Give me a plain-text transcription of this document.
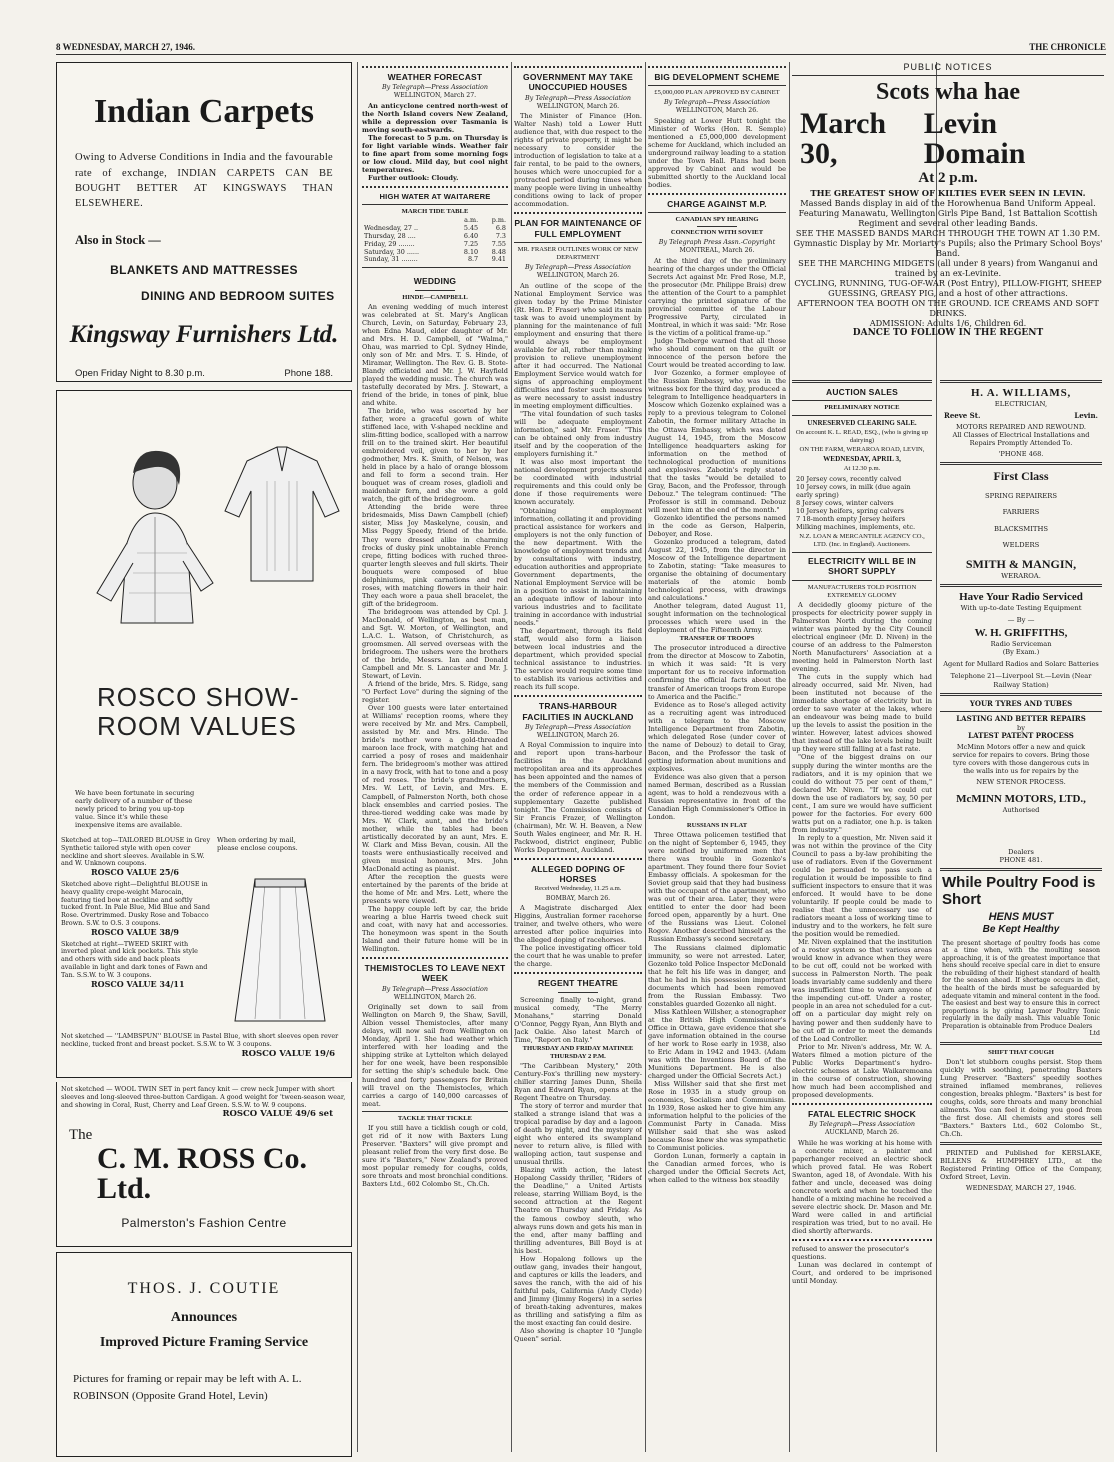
8 WEDNESDAY, MARCH 27, 1946.	THE CHRONICLE
Indian Carpets
Owing to Adverse Conditions in India and the favourable rate of exchange, INDIAN CARPETS CAN BE BOUGHT BETTER AT KINGSWAYS THAN ELSEWHERE.
Also in Stock —
BLANKETS AND MATTRESSES
DINING AND BEDROOM SUITES
Kingsway Furnishers Ltd.
Open Friday Night to 8.30 p.m.	Phone 188.
ROSCO SHOW-ROOM VALUES
We have been fortunate in securing early delivery of a number of these newly priced to bring you up-top value. Since it's while these inexpensive items are available.
When ordering by mail, please enclose coupons.

Sketched at top—TAILORED BLOUSE in Grey Synthetic tailored style with open cover neckline and short sleeves. Available in S.W. and W. Unknown coupons.

ROSCO VALUE 25/6

Sketched above right—Delightful BLOUSE in heavy quality crepe-weight Marocain, featuring tied bow at neckline and softly tucked front. In Pale Blue, Mid Blue and Sand Rose. Overtrimmed. Dusky Rose and Tobacco Brown. S.W. to O.S. 3 coupons.

ROSCO VALUE 38/9

Sketched at right—TWEED SKIRT with inverted pleat and kick pockets. This style and others with side and back pleats available in light and dark tones of Fawn and Tan. S.S.W. to W. 3 coupons.

ROSCO VALUE 34/11

Not sketched — ''LAMBSPUN'' BLOUSE in Pastel Blue, with short sleeves open rever neckline, tucked front and breast pocket. S.S.W. to W. 3 coupons.

ROSCO VALUE 19/6

Not sketched — WOOL TWIN SET in pert fancy knit — crew neck Jumper with short sleeves and long-sleeved three-button Cardigan. A good weight for 'tween-season wear, and showing in Coral, Rust, Cherry and Leaf Green. S.S.W. to W. 9 coupons.
ROSCO VALUE 49/6 set
The
C. M. ROSS Co. Ltd.
Palmerston's Fashion Centre
THOS. J. COUTIE
Announces
Improved Picture Framing Service
Pictures for framing or repair may be left with A. L. ROBINSON (Opposite Grand Hotel, Levin)
WEATHER FORECAST
By Telegraph—Press Association
WELLINGTON, March 27.

An anticyclone centred north-west of the North Island covers New Zealand, while a depression over Tasmania is moving south-eastwards.

The forecast to 5 p.m. on Thursday is for light variable winds. Weather fair to fine apart from some morning fogs or low cloud. Mild day, but cool night temperatures.

Further outlook: Cloudy.

HIGH WATER AT WAITARERE
MARCH TIDE TABLE
	a.m.	p.m.
Wednesday, 27 ..	5.45	6.8
Thursday, 28 ....	6.40	7.3
Friday, 29 ........	7.25	7.55
Saturday, 30 ......	8.10	8.48
Sunday, 31 ........	8.7	9.41
WEDDING
HINDE—CAMPBELL

An evening wedding of much interest was celebrated at St. Mary's Anglican Church, Levin, on Saturday, February 23, when Edna Maud, elder daughter of Mr. and Mrs. H. D. Campbell, of "Walma," Ohau, was married to Cpl. Sydney Hinde, only son of Mr. and Mrs. T. S. Hinde, of Miramar, Wellington. The Rev. G. B. Stote-Blandy officiated and Mr. J. W. Hayfield played the wedding music. The church was tastefully decorated by Mrs. J. Stewart, a friend of the bride, in tones of pink, blue and white.

The bride, who was escorted by her father, wore a graceful gown of white stiffened lace, with V-shaped neckline and slim-fitting bodice, scalloped with a narrow frill on to the trained skirt. Her beautiful embroidered veil, given to her by her godmother, Mrs. K. Smith, of Nelson, was held in place by a halo of orange blossom and fell to form a second train. Her bouquet was of cream roses, gladioli and maidenhair fern, and she wore a gold watch, the gift of the bridegroom.

Attending the bride were three bridesmaids, Miss Dawn Campbell (chief) sister, Miss Joy Maskelyne, cousin, and Miss Peggy Speedy, friend of the bride. They were dressed alike in charming frocks of dusky pink unobtainable French crepe, fitting bodices with ruched three-quarter length sleeves and full skirts. Their bouquets were composed of blue delphiniums, pink carnations and red roses, with matching flowers in their hair. They each wore a paua shell bracelet, the gift of the bridegroom.

The bridegroom was attended by Cpl. J. MacDonald, of Wellington, as best man, and Sgt. W. Morton, of Wellington, and L.A.C. L. Watson, of Christchurch, as groomsmen. All served overseas with the bridegroom. The ushers were the brothers of the bride, Messrs. Ian and Donald Campbell and Mr. S. Lancaster and Mr. J. Stewart, of Levin.

A friend of the bride, Mrs. S. Ridge, sang "O Perfect Love" during the signing of the register.

Over 100 guests were later entertained at Williams' reception rooms, where they were received by Mr. and Mrs. Campbell, assisted by Mr. and Mrs. Hinde. The bride's mother wore a gold-threaded maroon lace frock, with matching hat and carried a posy of roses and maidenhair fern. The bridegroom's mother was attired in a navy frock, with hat to tone and a posy of red roses. The bride's grandmothers, Mrs. W. Lett, of Levin, and Mrs. E. Campbell, of Palmerston North, both chose black ensembles and carried posies. The three-tiered wedding cake was made by Mrs. W. Clark, aunt, and the bride's mother, while the tables had been artistically decorated by an aunt, Mrs. E. W. Clark and Miss Bevan, cousin. All the toasts were enthusiastically received and given musical honours, Mrs. John MacDonald acting as pianist.

After the reception the guests were entertained by the parents of the bride at the home of Mr. and Mrs. Lett, where the presents were viewed.

The happy couple left by car, the bride wearing a blue Harris tweed check suit and coat, with navy hat and accessories. The honeymoon was spent in the South Island and their future home will be in Wellington.

THEMISTOCLES TO LEAVE NEXT WEEK
By Telegraph—Press Association
WELLINGTON, March 26.

Originally set down to sail from Wellington on March 9, the Shaw, Savill, Albion vessel Themistocles, after many delays, will now sail from Wellington on Monday, April 1. She had weather which interfered with her loading and the shipping strike at Lyttelton which delayed her for one week, have been responsible for setting the ship's schedule back. One hundred and forty passengers for Britain will travel on the Themistocles, which carries a cargo of 140,000 carcasses of meat.

TACKLE THAT TICKLE

If you still have a ticklish cough or cold, get rid of it now with Baxters Lung Preserver. "Baxters" will give prompt and pleasant relief from the very first dose. Be sure it's "Baxters," New Zealand's proved most popular remedy for coughs, colds, sore throats and most bronchial conditions. Baxters Ltd., 602 Colombo St., Ch.Ch.

GOVERNMENT MAY TAKE UNOCCUPIED HOUSES
By Telegraph—Press Association
WELLINGTON, March 26.

The Minister of Finance (Hon. Walter Nash) told a Lower Hutt audience that, with due respect to the rights of private property, it might be necessary to consider the introduction of legislation to take at a fair rental, to be paid to the owners, houses which were unoccupied for a protracted period during times when many people were living in unhealthy conditions owing to lack of proper accommodation.

PLAN FOR MAINTENANCE OF FULL EMPLOYMENT
MR. FRASER OUTLINES WORK OF NEW DEPARTMENT
By Telegraph—Press Association
WELLINGTON, March 26.

An outline of the scope of the National Employment Service was given today by the Prime Minister (Rt. Hon. P. Fraser) who said its main task was to avoid unemployment by planning for the maintenance of full employment and ensuring that there would always be employment available for all, rather than making provision to relieve unemployment after it had occurred. The National Employment Service would watch for signs of approaching employment difficulties and foster such measures as were necessary to assist industry in meeting employment difficulties.

"The vital foundation of such tasks will be adequate employment information," said Mr. Fraser. "This can be obtained only from industry itself and by the cooperation of the employers furnishing it."

It was also most important the national development projects should be coordinated with industrial requirements and this could only be done if those requirements were known accurately.

"Obtaining employment information, collating it and providing practical assistance for workers and employers is not the only function of the new department. With the knowledge of employment trends and by consultations with industry, education authorities and appropriate Government departments, the National Employment Service will be in a position to assist in maintaining an adequate inflow of labour into various industries and to facilitate training in accordance with industrial needs."

The department, through its field staff, would also form a liaison between local industries and the department, which provided special technical assistance to industries. The service would require some time to establish its various activities and reach its full scope.

TRANS-HARBOUR FACILITIES IN AUCKLAND
By Telegraph—Press Association
WELLINGTON, March 26.

A Royal Commission to inquire into and report upon trans-harbour facilities in the Auckland metropolitan area and its approaches has been appointed and the names of the members of the Commission and the order of reference appear in a supplementary Gazette published tonight. The Commission consists of Sir Francis Frazer, of Wellington (chairman), Mr. W. H. Beaven, a New South Wales engineer, and Mr. R. H. Packwood, district engineer, Public Works Department, Auckland.

ALLEGED DOPING OF HORSES
Received Wednesday, 11.25 a.m.
BOMBAY, March 26.

A Magistrate discharged Alex Higgins, Australian former racehorse trainer, and twelve others, who were arrested after police inquiries into the alleged doping of racehorses.

The police investigating officer told the court that he was unable to prefer the charge.

REGENT THEATRE

Screening finally to-night, grand musical comedy, "The Merry Monahans," starring Donald O'Connor, Peggy Ryan, Ann Blyth and Jack Oakie. Also latest March of Time, "Report on Italy."

THURSDAY AND FRIDAY MATINEE THURSDAY 2 P.M.

"The Caribbean Mystery," 20th Century-Fox's thrilling new mystery-chiller starring James Dunn, Sheila Ryan and Edward Ryan, opens at the Regent Theatre on Thursday.

The story of terror and murder that stalked a strange island that was a tropical paradise by day and a lagoon of death by night, and the mystery of eight who entered its swampland never to return alive, is filled with walloping action, taut suspense and unusual thrills.

Blazing with action, the latest Hopalong Cassidy thriller, "Riders of the Deadline," a United Artists release, starring William Boyd, is the second attraction at the Regent Theatre on Thursday and Friday. As the famous cowboy sleuth, who always runs down and gets his man in the end, after many baffling and thrilling adventures, Bill Boyd is at his best.

How Hopalong follows up the outlaw gang, invades their hangout, and captures or kills the leaders, and saves the ranch, with the aid of his faithful pals, California (Andy Clyde) and Jimmy (Jimmy Rogers) in a series of breath-taking adventures, makes as thrilling and satisfying a film as the most exacting fan could desire.

Also showing is chapter 10 "Jungle Queen" serial.

BIG DEVELOPMENT SCHEME
£5,000,000 PLAN APPROVED BY CABINET
By Telegraph—Press Association
WELLINGTON, March 26.

Speaking at Lower Hutt tonight the Minister of Works (Hon. R. Semple) mentioned a £5,000,000 development scheme for Auckland, which included an underground railway leading to a station under the Town Hall. Plans had been approved by Cabinet and would be submitted shortly to the Auckland local bodies.

CHARGE AGAINST M.P.
CANADIAN SPY HEARING
CONNECTION WITH SOVIET
By Telegraph Press Assn.-Copyright
MONTREAL, March 26.

At the third day of the preliminary hearing of the charges under the Official Secrets Act against Mr. Fred Rose, M.P., the prosecutor (Mr. Philippe Brais) drew the attention of the Court to a pamphlet carrying the printed signature of the provincial committee of the Labour Progressive Party, circulated in Montreal, in which it was said: "Mr. Rose is the victim of a political frame-up."

Judge Theberge warned that all those who should comment on the guilt or innocence of the person before the Court would be treated according to law.

Ivor Gozenko, a former employee of the Russian Embassy, who was in the witness box for the third day, produced a telegram to Intelligence headquarters in Moscow which Gozenko explained was a reply to a previous telegram to Colonel Zabotin, the former military Attache in the Ottawa Embassy, which was dated August 14, 1945, from the Moscow Intelligence headquarters asking for information on the method of technological production of munitions and explosives. Zabotin's reply stated that the tasks "would be detailed to Gray, Bacon, and the Professor, through Debouz." The telegram continued: "The Professor is still in command. Debouz will meet him at the end of the month."

Gozenko identified the persons named in the code as Gerson, Halperin, Deboyer, and Rose.

Gozenko produced a telegram, dated August 22, 1945, from the director in Moscow of the Intelligence department to Zabotin, stating: "Take measures to organise the obtaining of documentary materials of the atomic bomb technological process, with drawings and calculations."

Another telegram, dated August 11, sought information on the technological processes which were used in the deployment of the Fifteenth Army.

TRANSFER OF TROOPS

The prosecutor introduced a directive from the director at Moscow to Zabotin, in which it was said: "It is very important for us to receive information confirming the official facts about the transfer of American troops from Europe to America and the Pacific."

Evidence as to Rose's alleged activity as a recruiting agent was introduced with a telegram to the Moscow Intelligence Department from Zabotin, which delegated Rose (under cover of the name of Debouz) to detail to Gray, Bacon, and the Professor the task of getting information about munitions and explosives.

Evidence was also given that a person named Berman, described as a Russian agent, was to hold a rendezvous with a Russian representative in front of the Canadian High Commissioner's Office in London.

RUSSIANS IN FLAT

Three Ottawa policemen testified that on the night of September 6, 1945, they were notified by uniformed men that there was trouble in Gozenko's apartment. They found there four Soviet Embassy officials. A spokesman for the Soviet group said that they had business with the occupant of the apartment, who was out of their area. Later, they were entitled to enter the door had been forced open, apparently by a hurt. One of the Russians was Lieut. Colonel Rogov. Another described himself as the Russian Embassy's second secretary.

The Russians claimed diplomatic immunity, so were not arrested. Later, Gozenko told Police Inspector McDonald that he felt his life was in danger, and that he had in his possession important documents which had been removed from the Russian Embassy. Two constables guarded Gozenko all night.

Miss Kathleen Willsher, a stenographer at the British High Commissioner's Office in Ottawa, gave evidence that she gave information obtained in the course of her work to Rose early in 1938, also to Eric Adam in 1942 and 1943. (Adam was with the Inventions Board of the Munitions Department. He is also charged under the Official Secrets Act.)

Miss Willsher said that she first met Rose in 1935 in a study group on economics, Socialism and Communism. In 1939, Rose asked her to give him any information helpful to the policies of the Communist Party in Canada. Miss Willsher said that she was asked because Rose knew she was sympathetic to Communist policies.

Gordon Lunan, formerly a captain in the Canadian armed forces, who is charged under the Official Secrets Act, when called to the witness box steadily

PUBLIC NOTICES
Scots wha hae
March 30,
Levin Domain
At 2 p.m.
THE GREATEST SHOW OF KILTIES EVER SEEN IN LEVIN.
Massed Bands display in aid of the Horowhenua Band Uniform Appeal.
Featuring Manawatu, Wellington Girls Pipe Band, 1st Battalion Scottish Regiment and several other leading Bands.
SEE THE MASSED BANDS MARCH THROUGH THE TOWN AT 1.30 P.M.
Gymnastic Display by Mr. Moriarty's Pupils; also the Primary School Boys' Band.
SEE THE MARCHING MIDGETS (all under 8 years) from Wanganui and trained by an ex-Levinite.
CYCLING, RUNNING, TUG-OF-WAR (Post Entry), PILLOW-FIGHT, SHEEP GUESSING, GREASY PIG, and a host of other attractions.
AFTERNOON TEA BOOTH ON THE GROUND. ICE CREAMS AND SOFT DRINKS.
ADMISSION: Adults 1/6, Children 6d.
DANCE TO FOLLOW IN THE REGENT
AUCTION SALES
PRELIMINARY NOTICE
UNRESERVED CLEARING SALE.
On account K. L. READ, ESQ., (who is giving up dairying)
ON THE FARM, WERAROA ROAD, LEVIN,
WEDNESDAY, APRIL 3,
At 12.30 p.m.
20 Jersey cows, recently calved
10 Jersey cows, in milk (due again early spring)
8 Jersey cows, winter calvers
10 Jersey heifers, spring calvers
7 18-month empty Jersey heifers
Milking machines, implements, etc.
N.Z. LOAN & MERCANTILE AGENCY CO., LTD. (Inc. in England). Auctioneers.
ELECTRICITY WILL BE IN SHORT SUPPLY
MANUFACTURERS TOLD POSITION EXTREMELY GLOOMY

A decidedly gloomy picture of the prospects for electricity power supply in Palmerston North during the coming winter was painted by the City Council electrical engineer (Mr. D. Niven) in the course of an address to the Palmerston North Manufacturers' Association at a meeting held in Palmerston North last evening.

The cuts in the supply which had already occurred, said Mr. Niven, had been instituted not because of the immediate shortage of electricity but in order to save water at the lakes, where an endeavour was being made to build up the levels to assist the position in the winter. However, latest advices showed that instead of the lake levels being built up they were still falling at a fast rate.

"One of the biggest drains on our supply during the winter months are the radiators, and it is my opinion that we could do without 75 per cent of them," declared Mr. Niven. "If we could cut down the use of radiators by, say, 50 per cent., I am sure we would have sufficient power for the factories. For every 600 watts put on a radiator, one h.p. is taken from industry."

In reply to a question, Mr. Niven said it was not within the province of the City Council to pass a by-law prohibiting the use of radiators. Even if the Government could be persuaded to pass such a regulation it would be impossible to find sufficient inspectors to ensure that it was enforced. It would have to be done voluntarily. If people could be made to realise that the unnecessary use of radiators meant a loss of working time to industry and to the workers, he felt sure the position would be remedied.

Mr. Niven explained that the institution of a roster system so that various areas would know in advance when they were to be cut off, could not be worked with success in Palmerston North. The peak loads invariably came suddenly and there was insufficient time to warn anyone of the impending cut-off. Under a roster, people in an area not scheduled for a cut-off on a particular day might rely on having power and then suddenly have to be cut off in order to meet the demands of the Load Controller.

Prior to Mr. Niven's address, Mr. W. A. Waters filmed a motion picture of the Public Works Department's hydro-electric schemes at Lake Waikaremoana in the course of construction, showing how much had been accomplished and proposed developments.

FATAL ELECTRIC SHOCK
By Telegraph—Press Association
AUCKLAND, March 26.

While he was working at his home with a concrete mixer, a painter and paperhanger received an electric shock which proved fatal. He was Robert Swanton, aged 18, of Avondale. With his father and uncle, deceased was doing concrete work and when he touched the handle of a mixing machine he received a severe electric shock. Dr. Mason and Mr. Ward were called in and artificial respiration was tried, but to no avail. He died shortly afterwards.

refused to answer the prosecutor's questions.

Lunan was declared in contempt of Court, and ordered to be imprisoned until Monday.

H. A. WILLIAMS,
ELECTRICIAN,
Reeve St.	Levin.
MOTORS REPAIRED AND REWOUND.
All Classes of Electrical Installations and Repairs Promptly Attended To.
'PHONE 468.
First Class
SPRING REPAIRERS
FARRIERS
BLACKSMITHS
WELDERS
SMITH & MANGIN,
WERAROA.
Have Your Radio Serviced
With up-to-date Testing Equipment
— By —
W. H. GRIFFITHS,
Radio Serviceman
(By Exam.)
Agent for Mullard Radios and Solarc Batteries
Telephone 21—Liverpool St.—Levin (Near Railway Station)
YOUR TYRES AND TUBES
LASTING AND BETTER REPAIRS
by
LATEST PATENT PROCESS
McMinn Motors offer a new and quick service for repairs to covers. Bring those tyre covers with those dangerous cuts in the walls into us for repairs by the
NEW STENOR PROCESS.
McMINN MOTORS, LTD.,
Authorised
Dealers
PHONE 481.
While Poultry Food is Short
HENS MUST
Be Kept Healthy

The present shortage of poultry foods has come at a time when, with the moulting season approaching, it is of the greatest importance that hens should receive special care in diet to ensure the rebuilding of their highest standard of health for the season ahead. If shortage occurs in diet, the health of the birds must be safeguarded by adequate vitamin and mineral content in the food. The easiest and best way to ensure this in correct proportions is by giving Laymor Poultry Tonic regularly in the daily mash. This valuable Tonic Preparation is obtainable from Produce Dealers

Ltd
SHIFT THAT COUGH

Don't let stubborn coughs persist. Stop them quickly with soothing, penetrating Baxters Lung Preserver. "Baxters" speedily soothes strained inflamed membranes, relieves congestion, breaks phlegm. "Baxters" is best for coughs, colds, sore throats and many bronchial ailments. You can feel it doing you good from the first dose. All chemists and stores sell "Baxters." Baxters Ltd., 602 Colombo St., Ch.Ch.

PRINTED and Published for KERSLAKE, BILLENS & HUMPHREY LTD., at the Registered Printing Office of the Company, Oxford Street, Levin.

WEDNESDAY, MARCH 27, 1946.
